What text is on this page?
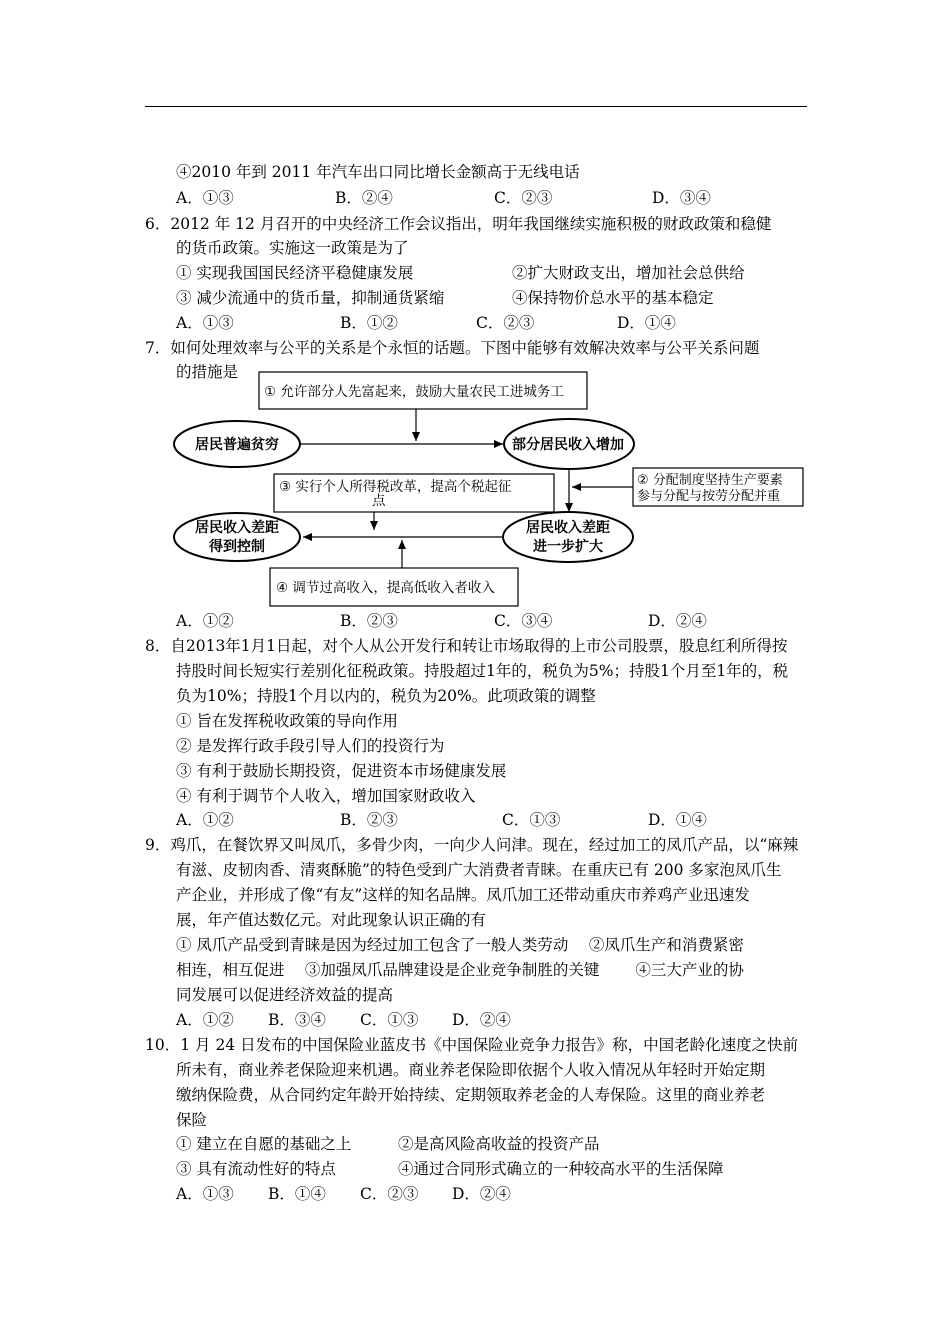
④2010 年到 2011 年汽车出口同比增长金额高于无线电话
A．①③	B．②④	C．②③	D．③④
6．2012 年 12 月召开的中央经济工作会议指出，明年我国继续实施积极的财政政策和稳健
的货币政策。实施这一政策是为了
① 实现我国国民经济平稳健康发展	②扩大财政支出，增加社会总供给
③ 减少流通中的货币量，抑制通货紧缩	④保持物价总水平的基本稳定
A．①③	B．①②	C．②③	D．①④
7．如何处理效率与公平的关系是个永恒的话题。下图中能够有效解决效率与公平关系问题
的措施是
① 允许部分人先富起来，鼓励大量农民工进城务工
居民普遍贫穷	部分居民收入增加
③ 实行个人所得税改革，提高个税起征
点
② 分配制度坚持生产要素
参与分配与按劳分配并重
居民收入差距
得到控制
居民收入差距
进一步扩大
④ 调节过高收入，提高低收入者收入
A．①②	B．②③	C．③④	D．②④
8．自2013年1月1日起，对个人从公开发行和转让市场取得的上市公司股票，股息红利所得按
持股时间长短实行差别化征税政策。持股超过1年的，税负为5%；持股1个月至1年的，税
负为10%；持股1个月以内的，税负为20%。此项政策的调整
① 旨在发挥税收政策的导向作用
② 是发挥行政手段引导人们的投资行为
③ 有利于鼓励长期投资，促进资本市场健康发展
④ 有利于调节个人收入，增加国家财政收入
A．①②	B．②③	C．①③	D．①④
9．鸡爪，在餐饮界又叫凤爪，多骨少肉，一向少人问津。现在，经过加工的凤爪产品，以“麻辣
有滋、皮韧肉香、清爽酥脆”的特色受到广大消费者青睐。在重庆已有 200 多家泡凤爪生
产企业，并形成了像“有友”这样的知名品牌。凤爪加工还带动重庆市养鸡产业迅速发
展，年产值达数亿元。对此现象认识正确的有
① 凤爪产品受到青睐是因为经过加工包含了一般人类劳动　 ②凤爪生产和消费紧密
相连，相互促进　 ③加强凤爪品牌建设是企业竞争制胜的关键　　 ④三大产业的协
同发展可以促进经济效益的提高
A．①② B．③④ C．①③ D．②④
10．1 月 24 日发布的中国保险业蓝皮书《中国保险业竞争力报告》称，中国老龄化速度之快前
所未有，商业养老保险迎来机遇。商业养老保险即依据个人收入情况从年轻时开始定期
缴纳保险费，从合同约定年龄开始持续、定期领取养老金的人寿保险。这里的商业养老
保险
① 建立在自愿的基础之上	②是高风险高收益的投资产品
③ 具有流动性好的特点	④通过合同形式确立的一种较高水平的生活保障
A．①③ B．①④ C．②③ D．②④
